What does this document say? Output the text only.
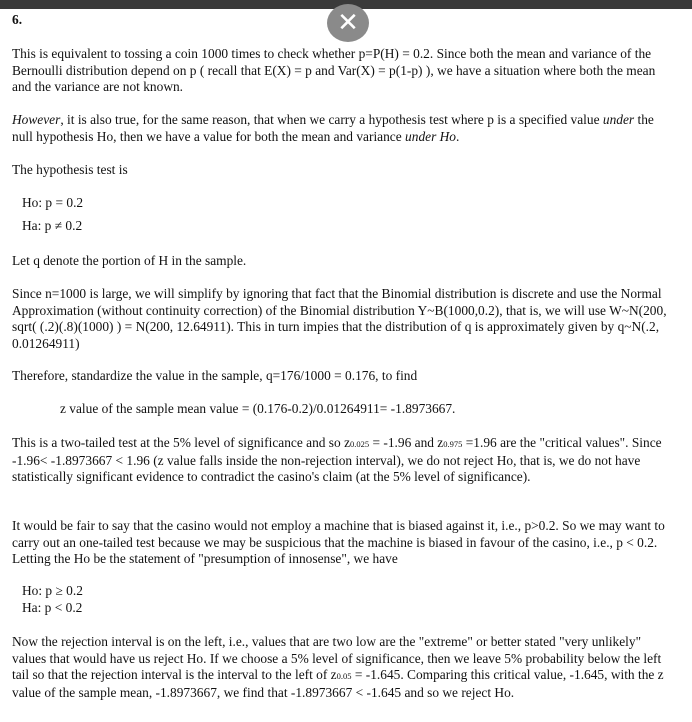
✕

6.

This is equivalent to tossing a coin 1000 times to check whether p=P(H) = 0.2. Since both the mean and variance of the Bernoulli distribution depend on p ( recall that E(X) = p and Var(X) = p(1-p) ), we have a situation where both the mean and the variance are not known.

However, it is also true, for the same reason, that when we carry a hypothesis test where p is a specified value under the null hypothesis Ho, then we have a value for both the mean and variance under Ho.

The hypothesis test is

Ho: p = 0.2

Ha: p ≠ 0.2

Let q denote the portion of H in the sample.

Since n=1000 is large, we will simplify by ignoring that fact that the Binomial distribution is discrete and use the Normal Approximation (without continuity correction) of the Binomial distribution Y~B(1000,0.2), that is, we will use W~N(200, sqrt( (.2)(.8)(1000) ) = N(200, 12.64911). This in turn impies that the distribution of q is approximately given by q~N(.2, 0.01264911)

Therefore, standardize the value in the sample, q=176/1000 = 0.176, to find

z value of the sample mean value = (0.176-0.2)/0.01264911= -1.8973667.

This is a two-tailed test at the 5% level of significance and so z0.025 = -1.96 and z0.975 =1.96 are the "critical values". Since -1.96< -1.8973667 < 1.96 (z value falls inside the non-rejection interval), we do not reject Ho, that is, we do not have statistically significant evidence to contradict the casino's claim (at the 5% level of significance).

It would be fair to say that the casino would not employ a machine that is biased against it, i.e., p>0.2. So we may want to carry out an one-tailed test because we may be suspicious that the machine is biased in favour of the casino, i.e., p < 0.2. Letting the Ho be the statement of "presumption of innosense", we have

Ho: p ≥ 0.2

Ha: p < 0.2

Now the rejection interval is on the left, i.e., values that are two low are the "extreme" or better stated "very unlikely" values that would have us reject Ho. If we choose a 5% level of significance, then we leave 5% probability below the left tail so that the rejection interval is the interval to the left of z0.05 = -1.645. Comparing this critical value, -1.645, with the z value of the sample mean, -1.8973667, we find that -1.8973667 < -1.645 and so we reject Ho.
